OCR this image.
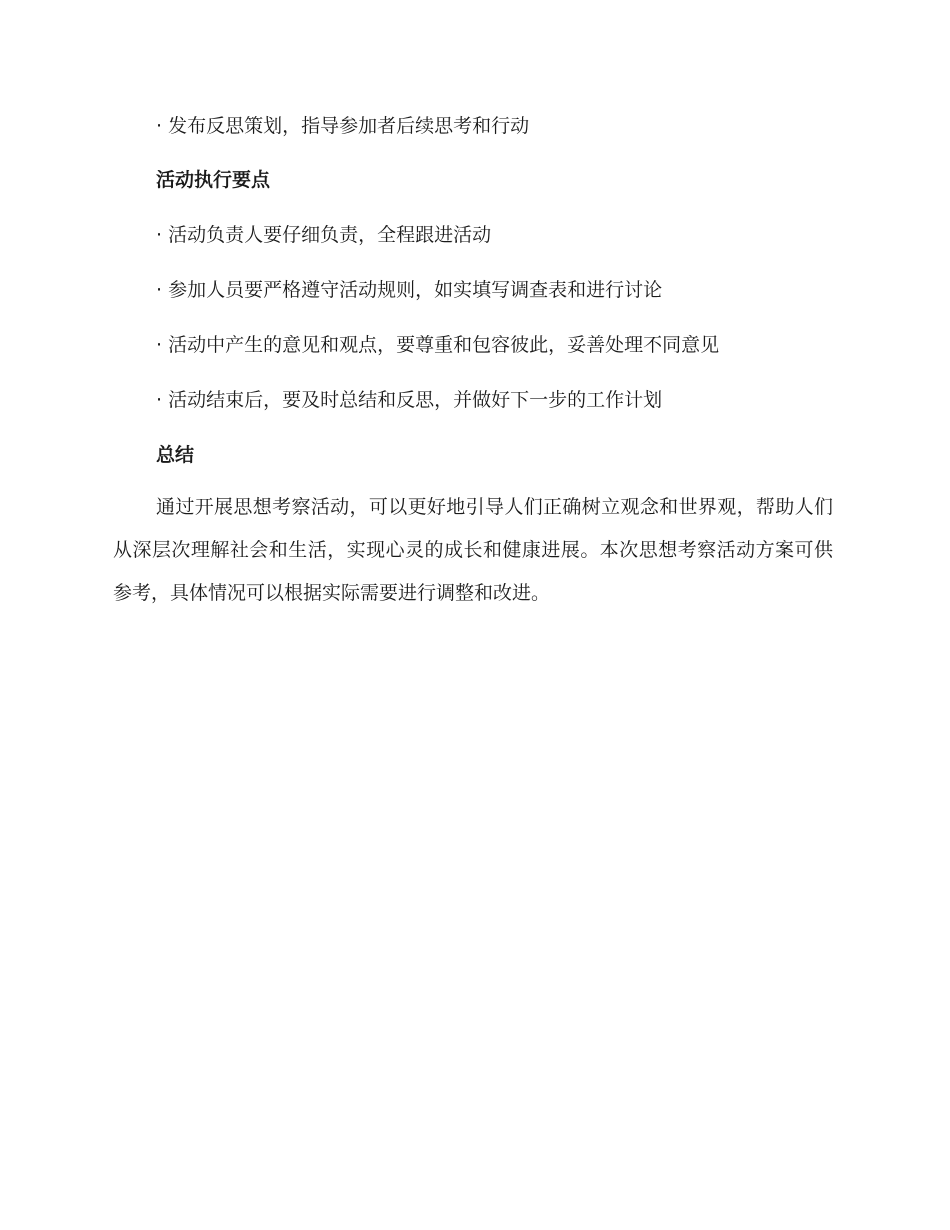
· 发布反思策划，指导参加者后续思考和行动
活动执行要点
· 活动负责人要仔细负责，全程跟进活动
· 参加人员要严格遵守活动规则，如实填写调查表和进行讨论
· 活动中产生的意见和观点，要尊重和包容彼此，妥善处理不同意见
· 活动结束后，要及时总结和反思，并做好下一步的工作计划
总结

通过开展思想考察活动，可以更好地引导人们正确树立观念和世界观，帮助人们从深层次理解社会和生活，实现心灵的成长和健康进展。本次思想考察活动方案可供参考，具体情况可以根据实际需要进行调整和改进。
